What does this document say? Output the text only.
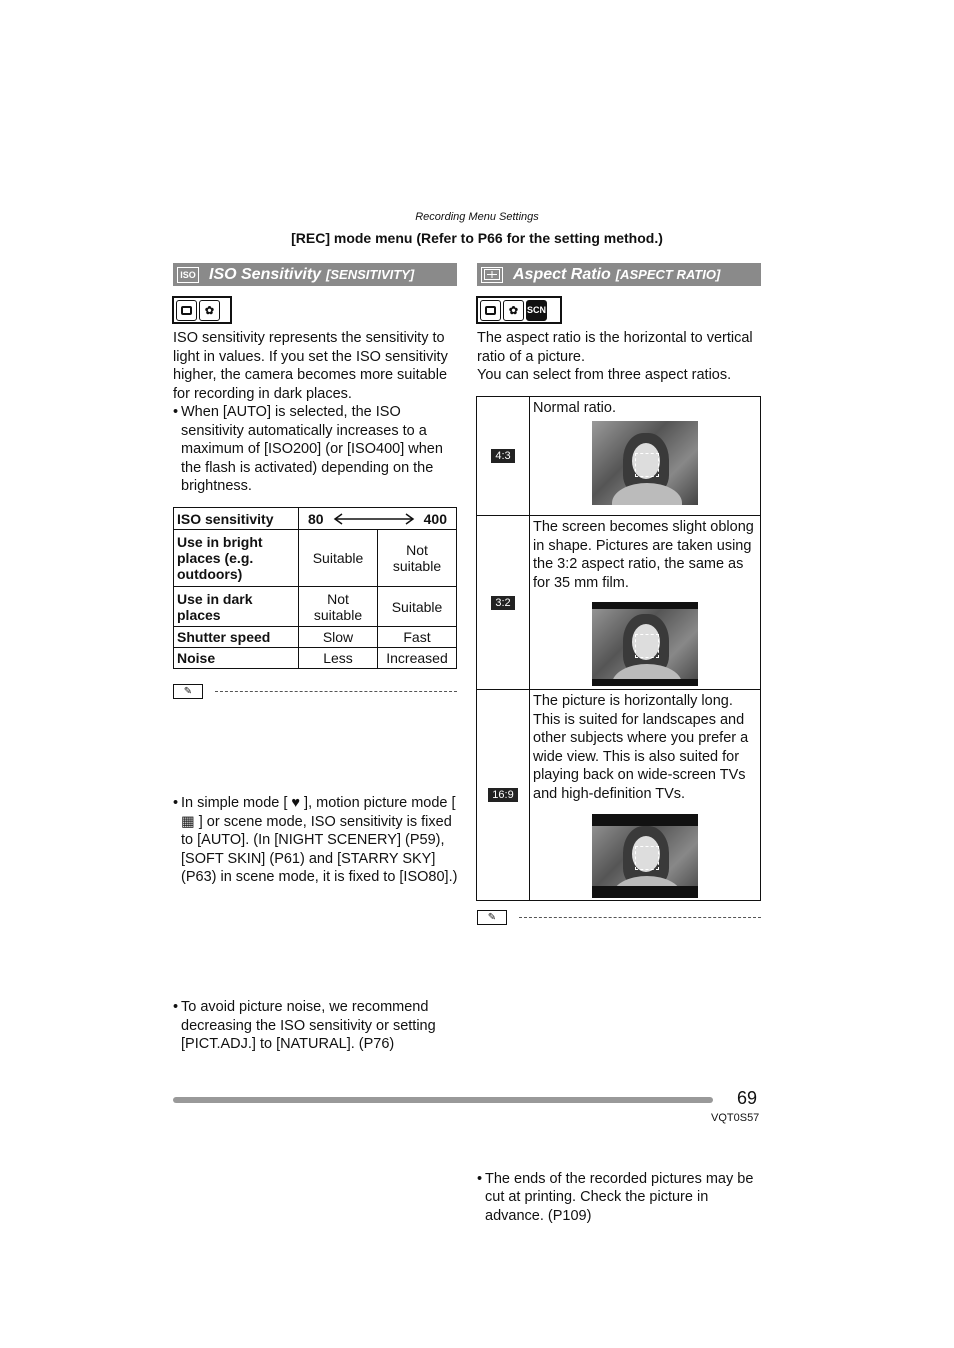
Recording Menu Settings
[REC] mode menu (Refer to P66 for the setting method.)
ISO ISO Sensitivity [SENSITIVITY]
✿
ISO sensitivity represents the sensitivity to light in values. If you set the ISO sensitivity higher, the camera becomes more suitable for recording in dark places.
• When [AUTO] is selected, the ISO sensitivity automatically increases to a maximum of [ISO200] (or [ISO400] when the flash is activated) depending on the brightness.
ISO sensitivity	80 400	

Use in bright places (e.g. outdoors)	Suitable	Not suitable
Use in dark places	Not suitable	Suitable
Shutter speed	Slow	Fast
Noise	Less	Increased
✎
• In simple mode [ ♥ ], motion picture mode [ ▦ ] or scene mode, ISO sensitivity is fixed to [AUTO]. (In [NIGHT SCENERY] (P59), [SOFT SKIN] (P61) and [STARRY SKY] (P63) in scene mode, it is fixed to [ISO80].)
• To avoid picture noise, we recommend decreasing the ISO sensitivity or setting [PICT.ADJ.] to [NATURAL]. (P76)
Aspect Ratio [ASPECT RATIO]
✿ SCN
The aspect ratio is the horizontal to vertical ratio of a picture.
You can select from three aspect ratios.
4:3
Normal ratio.
3:2
The screen becomes slight oblong in shape. Pictures are taken using the 3:2 aspect ratio, the same as for 35 mm film.
16:9
The picture is horizontally long. This is suited for landscapes and other subjects where you prefer a wide view. This is also suited for playing back on wide-screen TVs and high-definition TVs.
✎
• The ends of the recorded pictures may be cut at printing. Check the picture in advance. (P109)
69
VQT0S57
